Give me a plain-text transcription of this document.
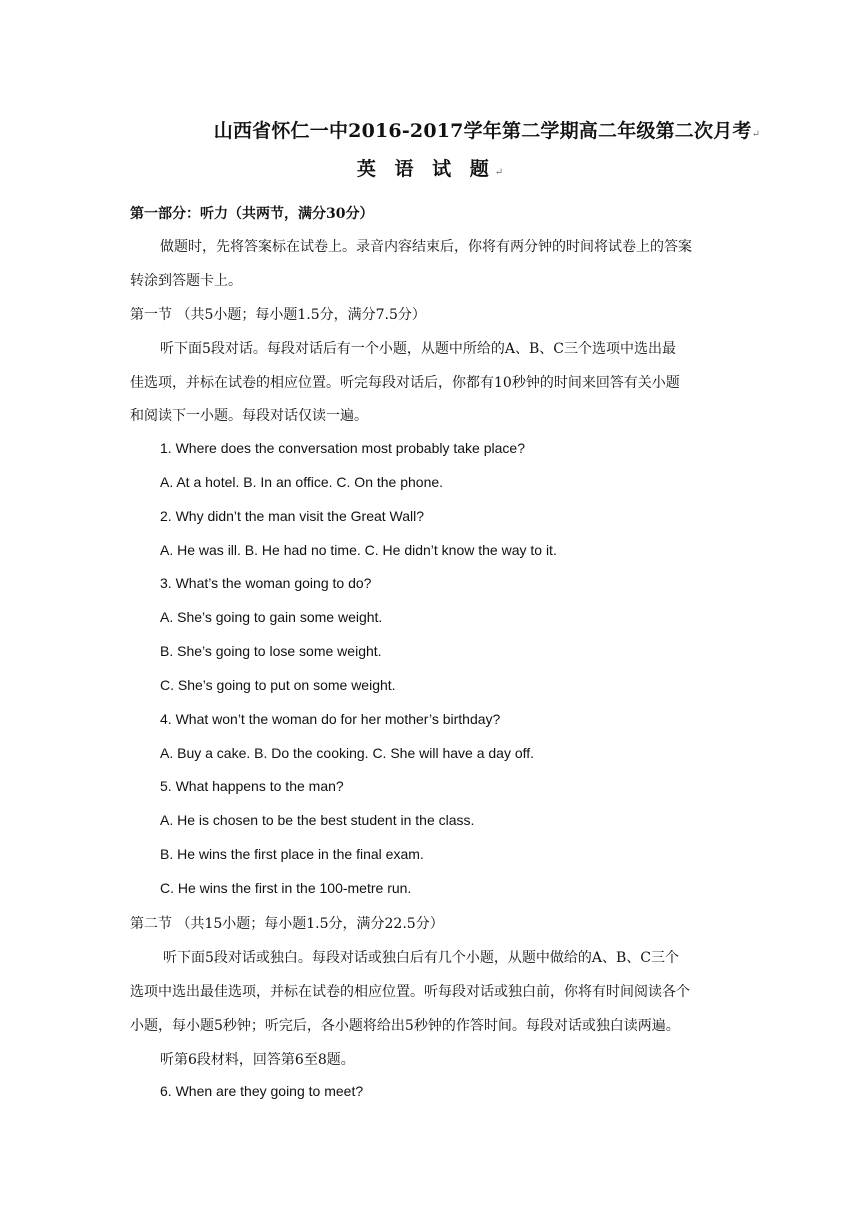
山西省怀仁一中2016-2017学年第二学期高二年级第二次月考↵
英 语 试 题↵
第一部分：听力（共两节，满分30分）
做题时，先将答案标在试卷上。录音内容结束后，你将有两分钟的时间将试卷上的答案
转涂到答题卡上。
第一节 （共5小题；每小题1.5分，满分7.5分）
听下面5段对话。每段对话后有一个小题，从题中所给的A、B、C三个选项中选出最
佳选项，并标在试卷的相应位置。听完每段对话后，你都有10秒钟的时间来回答有关小题
和阅读下一小题。每段对话仅读一遍。
1. Where does the conversation most probably take place?
A. At a hotel. B. In an office. C. On the phone.
2. Why didn’t the man visit the Great Wall?
A. He was ill. B. He had no time. C. He didn’t know the way to it.
3. What’s the woman going to do?
A. She’s going to gain some weight.
B. She’s going to lose some weight.
C. She’s going to put on some weight.
4. What won’t the woman do for her mother’s birthday?
A. Buy a cake. B. Do the cooking. C. She will have a day off.
5. What happens to the man?
A. He is chosen to be the best student in the class.
B. He wins the first place in the final exam.
C. He wins the first in the 100-metre run.
第二节 （共15小题；每小题1.5分，满分22.5分）
听下面5段对话或独白。每段对话或独白后有几个小题，从题中做给的A、B、C三个
选项中选出最佳选项，并标在试卷的相应位置。听每段对话或独白前，你将有时间阅读各个
小题，每小题5秒钟；听完后，各小题将给出5秒钟的作答时间。每段对话或独白读两遍。
听第6段材料，回答第6至8题。
6. When are they going to meet?
